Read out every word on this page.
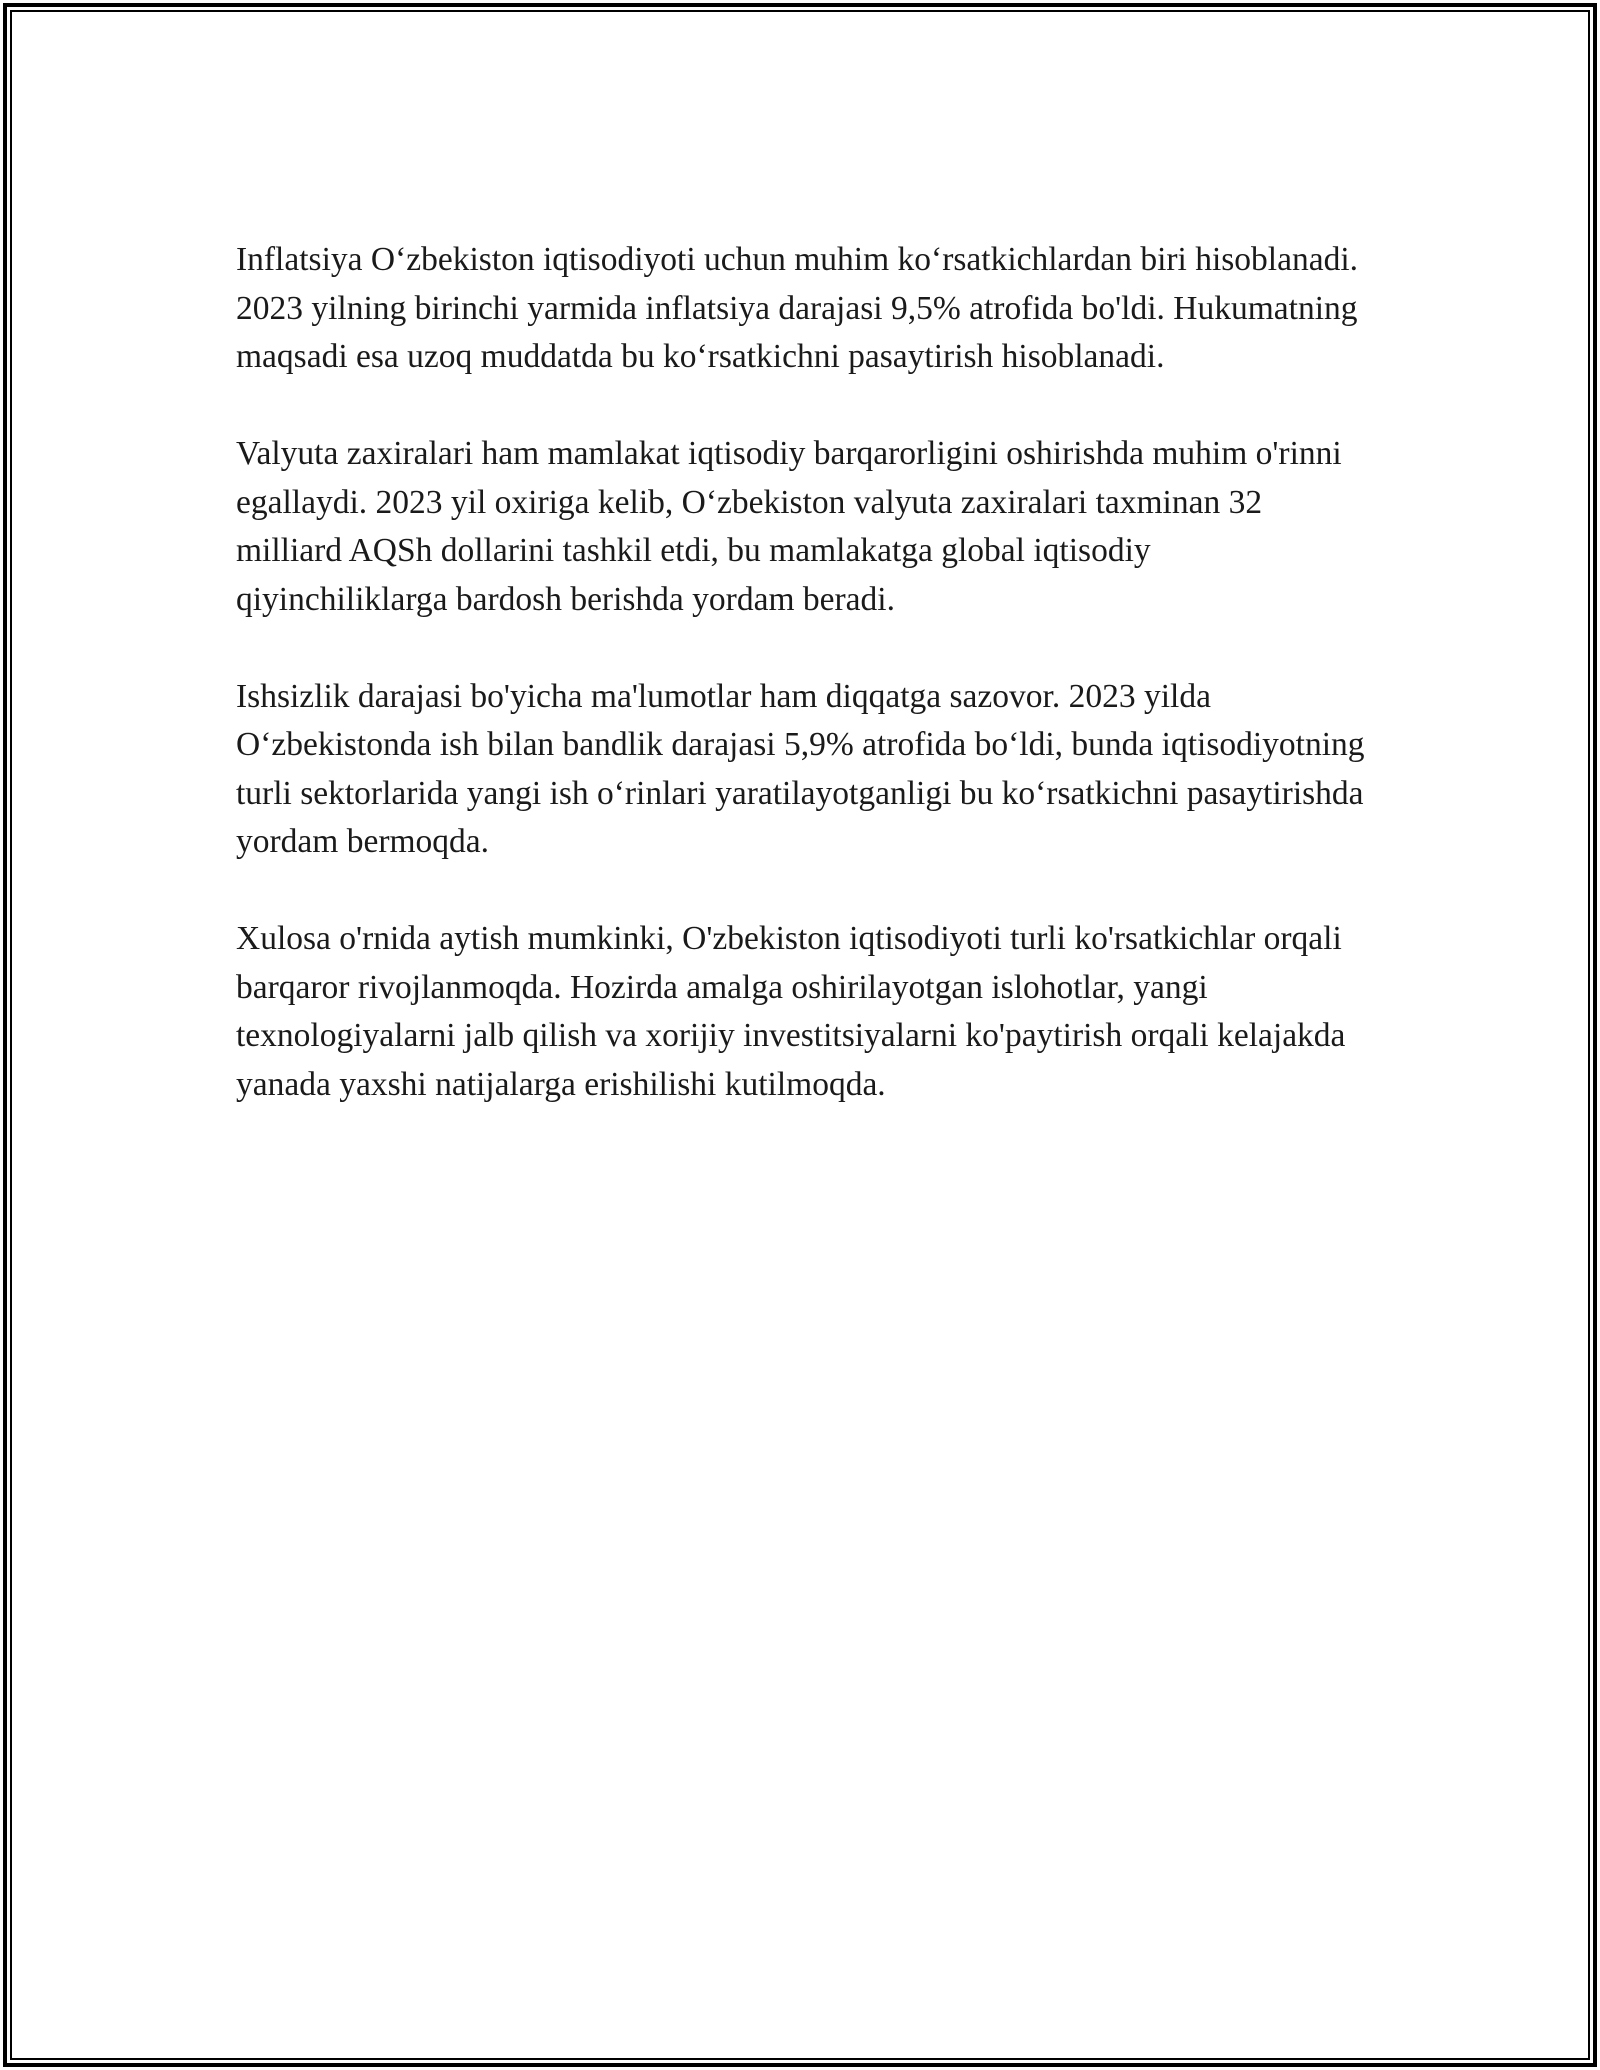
Inflatsiya O‘zbekiston iqtisodiyoti uchun muhim ko‘rsatkichlardan biri hisoblanadi. 2023 yilning birinchi yarmida inflatsiya darajasi 9,5% atrofida bo'ldi. Hukumatning maqsadi esa uzoq muddatda bu ko‘rsatkichni pasaytirish hisoblanadi.

Valyuta zaxiralari ham mamlakat iqtisodiy barqarorligini oshirishda muhim o'rinni egallaydi. 2023 yil oxiriga kelib, O‘zbekiston valyuta zaxiralari taxminan 32 milliard AQSh dollarini tashkil etdi, bu mamlakatga global iqtisodiy qiyinchiliklarga bardosh berishda yordam beradi.

Ishsizlik darajasi bo'yicha ma'lumotlar ham diqqatga sazovor. 2023 yilda O‘zbekistonda ish bilan bandlik darajasi 5,9% atrofida bo‘ldi, bunda iqtisodiyotning turli sektorlarida yangi ish o‘rinlari yaratilayotganligi bu ko‘rsatkichni pasaytirishda yordam bermoqda.

Xulosa o'rnida aytish mumkinki, O'zbekiston iqtisodiyoti turli ko'rsatkichlar orqali barqaror rivojlanmoqda. Hozirda amalga oshirilayotgan islohotlar, yangi texnologiyalarni jalb qilish va xorijiy investitsiyalarni ko'paytirish orqali kelajakda yanada yaxshi natijalarga erishilishi kutilmoqda.
